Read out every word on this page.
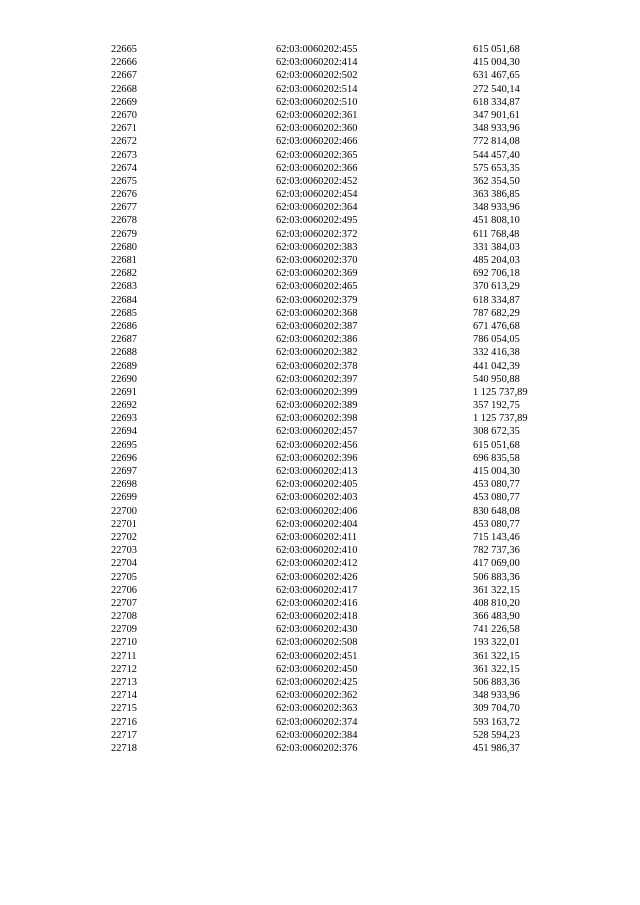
22665	62:03:0060202:455	615 051,68
22666	62:03:0060202:414	415 004,30
22667	62:03:0060202:502	631 467,65
22668	62:03:0060202:514	272 540,14
22669	62:03:0060202:510	618 334,87
22670	62:03:0060202:361	347 901,61
22671	62:03:0060202:360	348 933,96
22672	62:03:0060202:466	772 814,08
22673	62:03:0060202:365	544 457,40
22674	62:03:0060202:366	575 653,35
22675	62:03:0060202:452	362 354,50
22676	62:03:0060202:454	363 386,85
22677	62:03:0060202:364	348 933,96
22678	62:03:0060202:495	451 808,10
22679	62:03:0060202:372	611 768,48
22680	62:03:0060202:383	331 384,03
22681	62:03:0060202:370	485 204,03
22682	62:03:0060202:369	692 706,18
22683	62:03:0060202:465	370 613,29
22684	62:03:0060202:379	618 334,87
22685	62:03:0060202:368	787 682,29
22686	62:03:0060202:387	671 476,68
22687	62:03:0060202:386	786 054,05
22688	62:03:0060202:382	332 416,38
22689	62:03:0060202:378	441 042,39
22690	62:03:0060202:397	540 950,88
22691	62:03:0060202:399	1 125 737,89
22692	62:03:0060202:389	357 192,75
22693	62:03:0060202:398	1 125 737,89
22694	62:03:0060202:457	308 672,35
22695	62:03:0060202:456	615 051,68
22696	62:03:0060202:396	696 835,58
22697	62:03:0060202:413	415 004,30
22698	62:03:0060202:405	453 080,77
22699	62:03:0060202:403	453 080,77
22700	62:03:0060202:406	830 648,08
22701	62:03:0060202:404	453 080,77
22702	62:03:0060202:411	715 143,46
22703	62:03:0060202:410	782 737,36
22704	62:03:0060202:412	417 069,00
22705	62:03:0060202:426	506 883,36
22706	62:03:0060202:417	361 322,15
22707	62:03:0060202:416	408 810,20
22708	62:03:0060202:418	366 483,90
22709	62:03:0060202:430	741 226,58
22710	62:03:0060202:508	193 322,01
22711	62:03:0060202:451	361 322,15
22712	62:03:0060202:450	361 322,15
22713	62:03:0060202:425	506 883,36
22714	62:03:0060202:362	348 933,96
22715	62:03:0060202:363	309 704,70
22716	62:03:0060202:374	593 163,72
22717	62:03:0060202:384	528 594,23
22718	62:03:0060202:376	451 986,37
